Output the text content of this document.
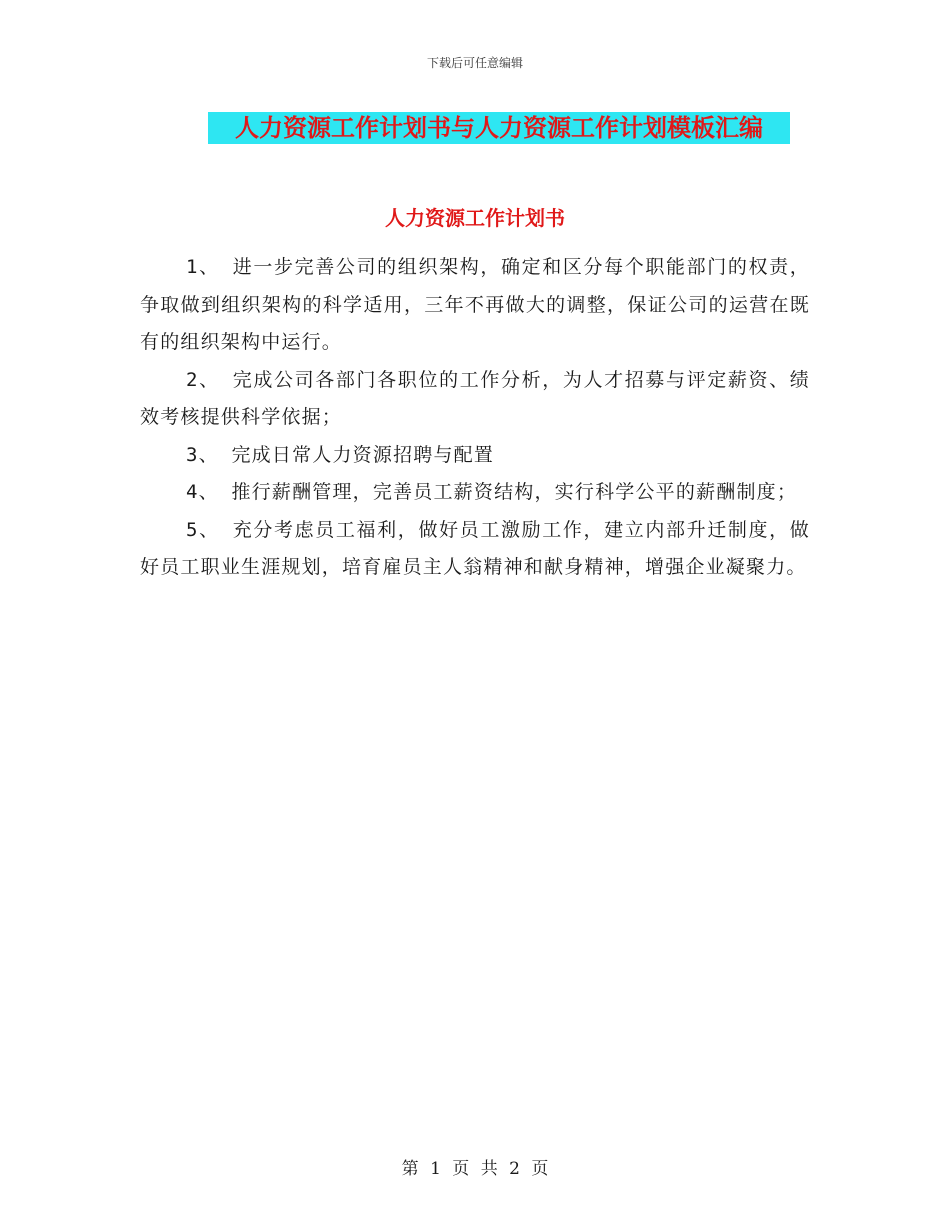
下载后可任意编辑
人力资源工作计划书与人力资源工作计划模板汇编
人力资源工作计划书

1、 进一步完善公司的组织架构，确定和区分每个职能部门的权责，争取做到组织架构的科学适用，三年不再做大的调整，保证公司的运营在既有的组织架构中运行。

2、 完成公司各部门各职位的工作分析，为人才招募与评定薪资、绩效考核提供科学依据；

3、 完成日常人力资源招聘与配置

4、 推行薪酬管理，完善员工薪资结构，实行科学公平的薪酬制度；

5、 充分考虑员工福利，做好员工激励工作，建立内部升迁制度，做好员工职业生涯规划，培育雇员主人翁精神和献身精神，增强企业凝聚力。

第 1 页 共 2 页
